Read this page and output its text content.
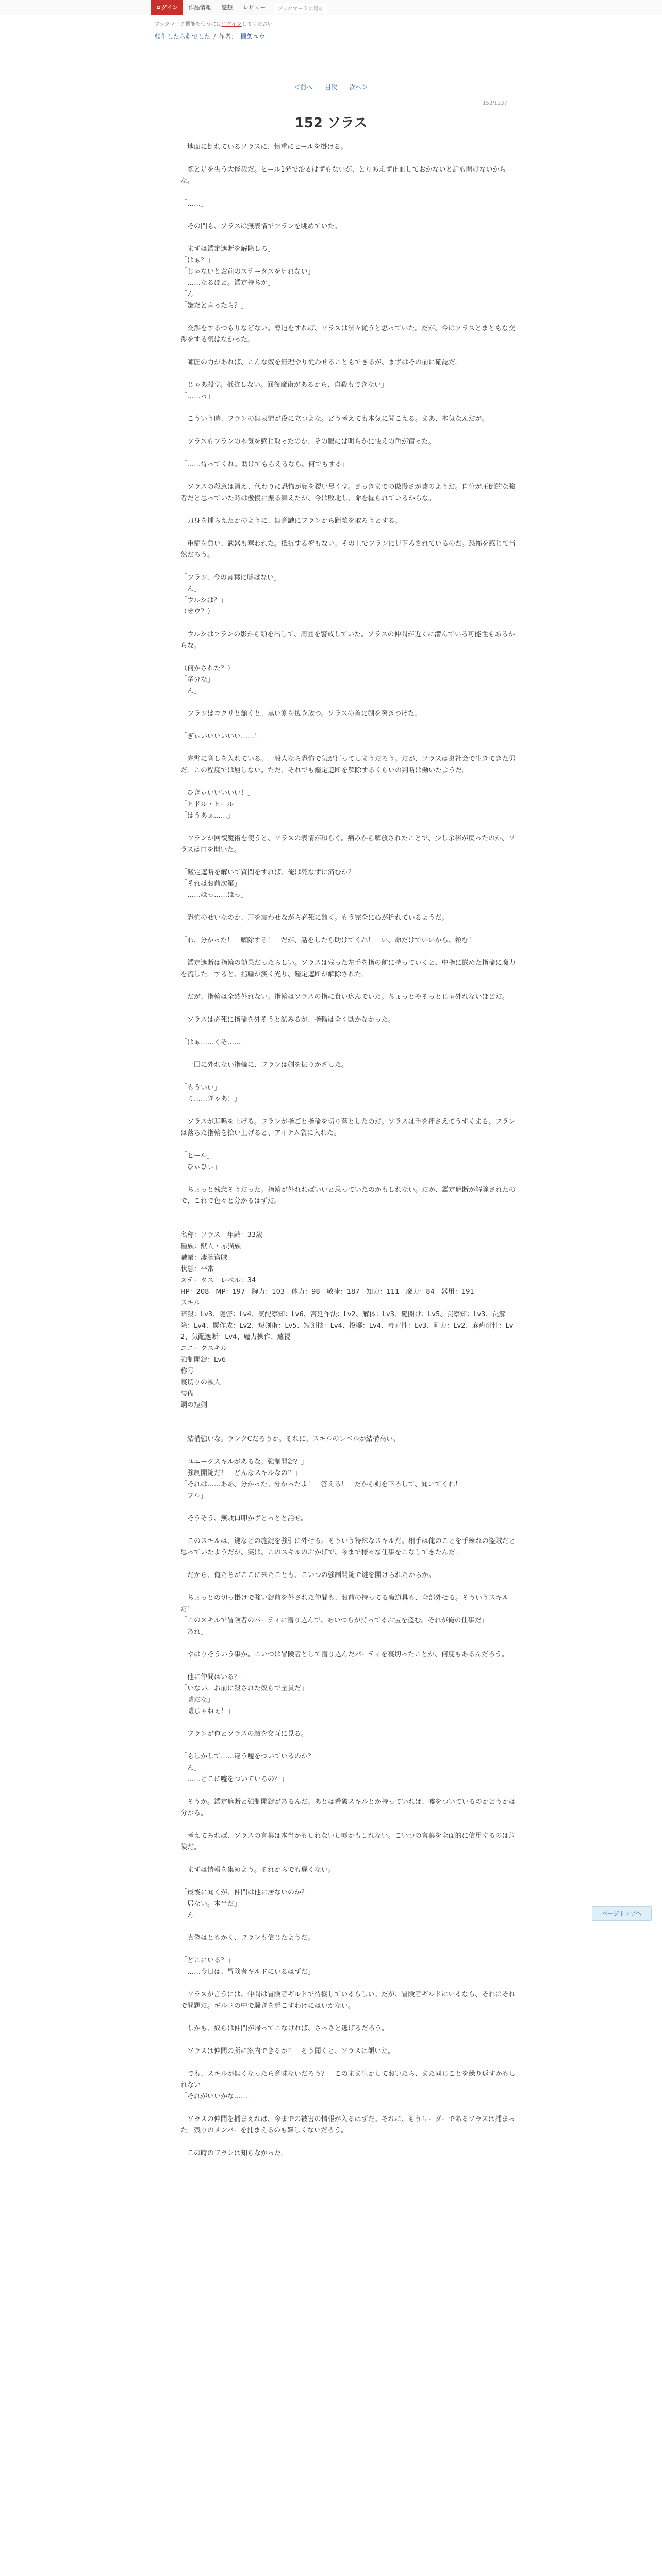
ログイン	作品情報	感想	レビュー	ブックマークに追加
ブックマーク機能を使うにはログインしてください。
転生したら剣でした / 作者： 棚架ユウ
＜前へ 目次 次へ＞
153/1237
152 ソラス

　地面に倒れているソラスに、慎重にヒールを掛ける。

　腕と足を失う大怪我だ。ヒール1発で治るはずもないが、とりあえず止血しておかないと話も聞けないからな。

「……」

　その間も、ソラスは無表情でフランを眺めていた。

「まずは鑑定遮断を解除しろ」

「はぁ？」

「じゃないとお前のステータスを見れない」

「……なるほど。鑑定持ちか」

「ん」

「嫌だと言ったら？」

　交渉をするつもりなどない。脅迫をすれば、ソラスは渋々従うと思っていた。だが、今はソラスとまともな交渉をする気はなかった。

　師匠の力があれば、こんな奴を無理やり従わせることもできるが、まずはその前に確認だ。

「じゃあ殺す。抵抗しない。回復魔術があるから、自殺もできない」

「……っ」

　こういう時、フランの無表情が役に立つよな。どう考えても本気に聞こえる。まあ、本気なんだが。

　ソラスもフランの本気を感じ取ったのか、その眼には明らかに怯えの色が宿った。

「……待ってくれ。助けてもらえるなら、何でもする」

　ソラスの殺意は消え、代わりに恐怖が顔を覆い尽くす。さっきまでの傲慢さが嘘のようだ。自分が圧倒的な強者だと思っていた時は傲慢に振る舞えたが、今は敗北し、命を握られているからな。

　刀身を捕らえたかのように、無意識にフランから距離を取ろうとする。

　重症を負い、武器も奪われた。抵抗する術もない。その上でフランに見下ろされているのだ。恐怖を感じて当然だろう。

「フラン、今の言葉に嘘はない」

「ん」

「ウルシは？」

（オウ？）

　ウルシはフランの影から頭を出して、周囲を警戒していた。ソラスの仲間が近くに潜んでいる可能性もあるからな。

（何かされた？）

「多分な」

「ん」

　フランはコクリと頷くと、黒い剣を抜き放つ。ソラスの首に剣を突きつけた。

「ぎぃいいいいいい……！」

　完璧に脅しを入れている。一般人なら恐怖で気が狂ってしまうだろう。だが、ソラスは裏社会で生きてきた男だ。この程度では屈しない。ただ、それでも鑑定遮断を解除するくらいの判断は働いたようだ。

「ひぎぃいいいいい！」

「ヒドル・ヒール」

「はうあぁ……」

　フランが回復魔術を使うと、ソラスの表情が和らぐ。痛みから解放されたことで、少し余裕が戻ったのか、ソラスは口を開いた。

「鑑定遮断を解いて質問をすれば、俺は死なずに済むか？」

「それはお前次第」

「……ほっ……ほっ」

　恐怖のせいなのか、声を震わせながら必死に頷く。もう完全に心が折れているようだ。

「わ、分かった！　解除する！　だが、話をしたら助けてくれ！　い、命だけでいいから、頼む！」

　鑑定遮断は指輪の効果だったらしい。ソラスは残った左手を指の前に持っていくと、中指に嵌めた指輪に魔力を流した。すると、指輪が淡く光り、鑑定遮断が解除された。

　だが、指輪は全然外れない。指輪はソラスの指に食い込んでいた。ちょっとやそっとじゃ外れないほどだ。

　ソラスは必死に指輪を外そうと試みるが、指輪は全く動かなかった。

「はぁ……くそ……」

　一回に外れない指輪に、フランは剣を振りかざした。

「もういい」

「ミ……ぎゃあ！」

　ソラスが悲鳴を上げる。フランが指ごと指輪を切り落としたのだ。ソラスは手を押さえてうずくまる。フランは落ちた指輪を拾い上げると、アイテム袋に入れた。

「ヒール」

「ひぃひぃ」

　ちょっと残念そうだった。指輪が外れればいいと思っていたのかもしれない。だが、鑑定遮断が解除されたので、これで色々と分かるはずだ。

名称：ソラス　年齢：33歳

種族：獣人・赤猫族

職業：凄腕盗賊

状態：平常

ステータス　レベル：34

HP：208　MP：197　腕力：103　体力：98　敏捷：187　知力：111　魔力：84　器用：191

スキル

暗殺：Lv3、隠密：Lv4、気配察知：Lv6、宮廷作法：Lv2、解体：Lv3、鍵開け：Lv5、罠察知：Lv3、罠解除：Lv4、罠作成：Lv2、短剣術：Lv5、短剣技：Lv4、投擲：Lv4、毒耐性：Lv3、剛力：Lv2、麻痺耐性：Lv2、気配遮断：Lv4、魔力操作、遠視

ユニークスキル

強制開錠：Lv6

称号

裏切りの獣人

装備

鋼の短剣

　結構強いな。ランクCだろうか。それに、スキルのレベルが結構高い。

「ユニークスキルがあるな。強制開錠？」

「強制開錠だ！　どんなスキルなの？」

「それは……ああ、分かった。分かったよ！　答える！　だから剣を下ろして、聞いてくれ！」

「ブル」

　そうそう、無駄口叩かずとっとと話せ。

「このスキルは、鍵などの施錠を強引に外せる。そういう特殊なスキルだ。相手は俺のことを手練れの盗賊だと思っていたようだが、実は、このスキルのおかげで、今まで様々な仕事をこなしてきたんだ」

　だから、俺たちがここに来たことも、こいつの強制開錠で鍵を開けられたからか。

「ちょっとの切っ掛けで強い錠前を外された仲間も、お前の持ってる魔道具も、全部外せる。そういうスキルだ！」

「このスキルで冒険者のパーティに潜り込んで、あいつらが持ってるお宝を盗む。それが俺の仕事だ」

「あれ」

　やはりそういう事か。こいつは冒険者として潜り込んだパーティを裏切ったことが、何度もあるんだろう。

「他に仲間はいる？」

「いない。お前に殺された奴らで全員だ」

「嘘だな」

「嘘じゃねぇ！」

　フランが俺とソラスの顔を交互に見る。

「もしかして……違う嘘をついているのか？」

「ん」

「……どこに嘘をついているの？」

　そうか。鑑定遮断と強制開錠があるんだ。あとは看破スキルとか持っていれば、嘘をついているのかどうかは分かる。

　考えてみれば、ソラスの言葉は本当かもしれないし嘘かもしれない。こいつの言葉を全面的に信用するのは危険だ。

　まずは情報を集めよう。それからでも遅くない。

「最後に聞くが、仲間は他に居ないのか？」

「居ない。本当だ」

「ん」

　真偽はともかく、フランも信じたようだ。

「どこにいる？」

「……今日は、冒険者ギルドにいるはずだ」

　ソラスが言うには、仲間は冒険者ギルドで待機しているらしい。だが、冒険者ギルドにいるなら、それはそれで問題だ。ギルドの中で騒ぎを起こすわけにはいかない。

　しかも、奴らは仲間が帰ってこなければ、さっさと逃げるだろう。

　ソラスは仲間の所に案内できるか？　そう聞くと、ソラスは頷いた。

「でも、スキルが無くなったら意味ないだろう？　このまま生かしておいたら、また同じことを繰り返すかもしれない」

「それがいいかな……」

　ソラスの仲間を捕まえれば、今までの被害の情報が入るはずだ。それに、もうリーダーであるソラスは捕まった。残りのメンバーを捕まえるのも難しくないだろう。

　この時のフランは知らなかった。

ページトップへ
